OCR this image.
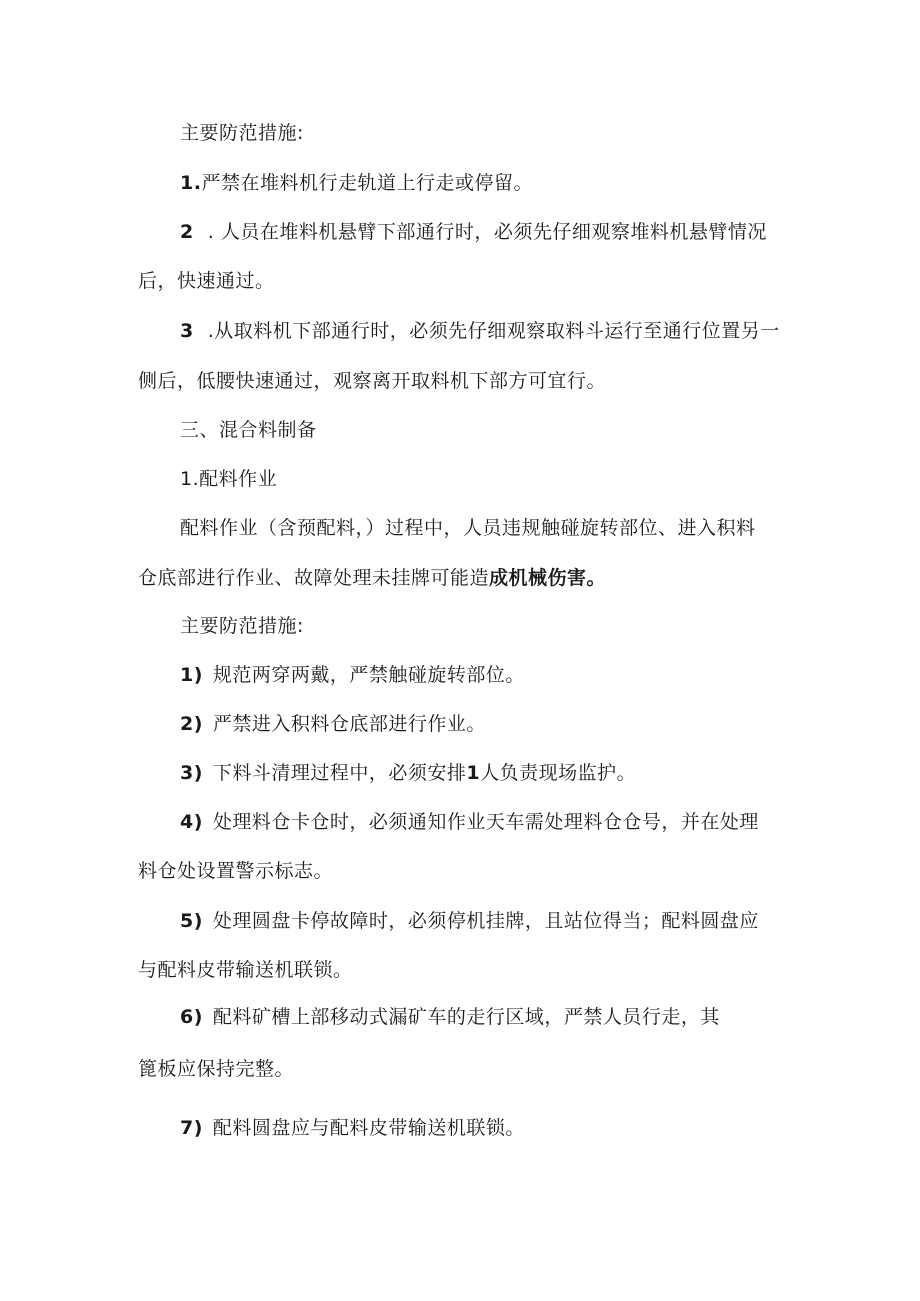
主要防范措施:
1.严禁在堆料机行走轨道上行走或停留。
2 . 人员在堆料机悬臂下部通行时，必须先仔细观察堆料机悬臂情况
后，快速通过。
3 .从取料机下部通行时，必须先仔细观察取料斗运行至通行位置另一
侧后，低腰快速通过，观察离开取料机下部方可宜行。
三、混合料制备
1.配料作业
配料作业（含预配料，）过程中，人员违规触碰旋转部位、进入积料
仓底部进行作业、故障处理未挂牌可能造成机械伤害。
主要防范措施:
1) 规范两穿两戴，严禁触碰旋转部位。
2) 严禁进入积料仓底部进行作业。
3) 下料斗清理过程中，必须安排1人负责现场监护。
4) 处理料仓卡仓时，必须通知作业天车需处理料仓仓号，并在处理
料仓处设置警示标志。
5) 处理圆盘卡停故障时，必须停机挂牌，且站位得当；配料圆盘应
与配料皮带输送机联锁。
6) 配料矿槽上部移动式漏矿车的走行区域，严禁人员行走，其
篦板应保持完整。
7) 配料圆盘应与配料皮带输送机联锁。
